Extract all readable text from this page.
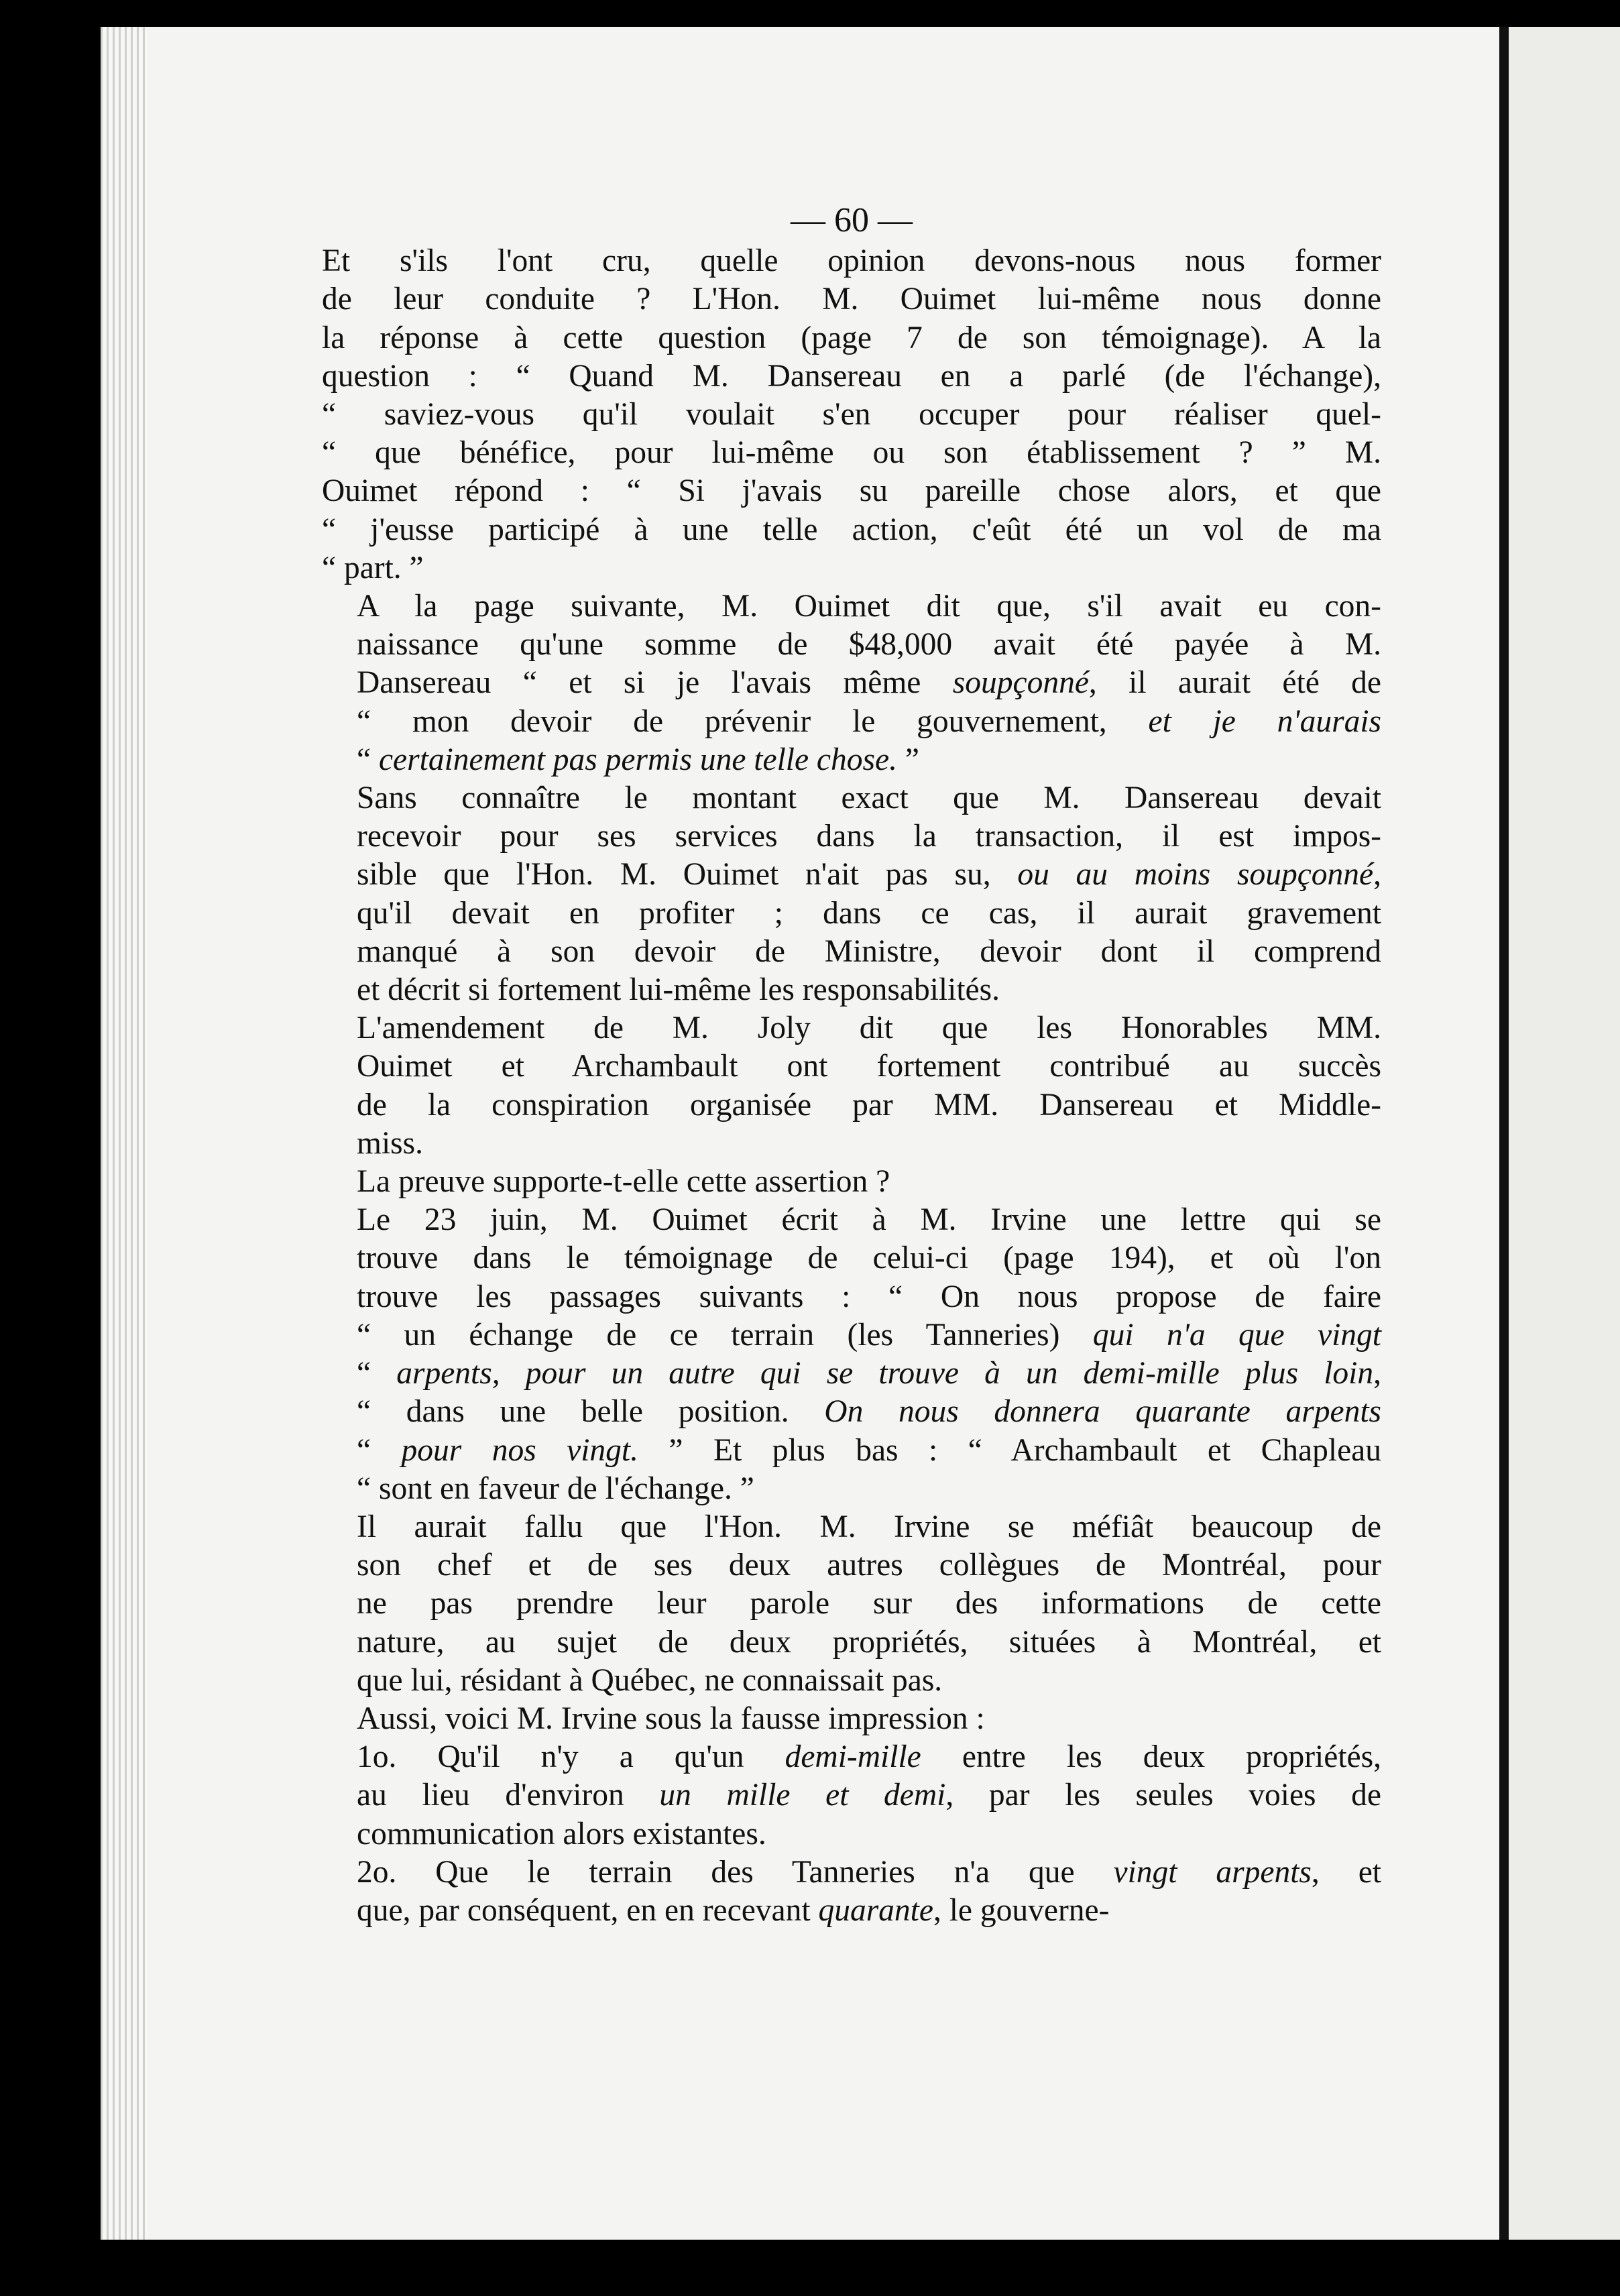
— 60 —
Et s'ils l'ont cru, quelle opinion devons-nous nous former
de leur conduite ? L'Hon. M. Ouimet lui-même nous donne
la réponse à cette question (page 7 de son témoignage). A la
question : “ Quand M. Dansereau en a parlé (de l'échange),
“ saviez-vous qu'il voulait s'en occuper pour réaliser quel-
“ que bénéfice, pour lui-même ou son établissement ? ” M.
Ouimet répond : “ Si j'avais su pareille chose alors, et que
“ j'eusse participé à une telle action, c'eût été un vol de ma
“ part. ”
A la page suivante, M. Ouimet dit que, s'il avait eu con-
naissance qu'une somme de $48,000 avait été payée à M.
Dansereau “ et si je l'avais même soupçonné, il aurait été de
“ mon devoir de prévenir le gouvernement, et je n'aurais
“ certainement pas permis une telle chose. ”
Sans connaître le montant exact que M. Dansereau devait
recevoir pour ses services dans la transaction, il est impos-
sible que l'Hon. M. Ouimet n'ait pas su, ou au moins soupçonné,
qu'il devait en profiter ; dans ce cas, il aurait gravement
manqué à son devoir de Ministre, devoir dont il comprend
et décrit si fortement lui-même les responsabilités.
L'amendement de M. Joly dit que les Honorables MM.
Ouimet et Archambault ont fortement contribué au succès
de la conspiration organisée par MM. Dansereau et Middle-
miss.
La preuve supporte-t-elle cette assertion ?
Le 23 juin, M. Ouimet écrit à M. Irvine une lettre qui se
trouve dans le témoignage de celui-ci (page 194), et où l'on
trouve les passages suivants : “ On nous propose de faire
“ un échange de ce terrain (les Tanneries) qui n'a que vingt
“ arpents, pour un autre qui se trouve à un demi-mille plus loin,
“ dans une belle position. On nous donnera quarante arpents
“ pour nos vingt. ” Et plus bas : “ Archambault et Chapleau
“ sont en faveur de l'échange. ”
Il aurait fallu que l'Hon. M. Irvine se méfiât beaucoup de
son chef et de ses deux autres collègues de Montréal, pour
ne pas prendre leur parole sur des informations de cette
nature, au sujet de deux propriétés, situées à Montréal, et
que lui, résidant à Québec, ne connaissait pas.
Aussi, voici M. Irvine sous la fausse impression :
1o. Qu'il n'y a qu'un demi-mille entre les deux propriétés,
au lieu d'environ un mille et demi, par les seules voies de
communication alors existantes.
2o. Que le terrain des Tanneries n'a que vingt arpents, et
que, par conséquent, en en recevant quarante, le gouverne-
